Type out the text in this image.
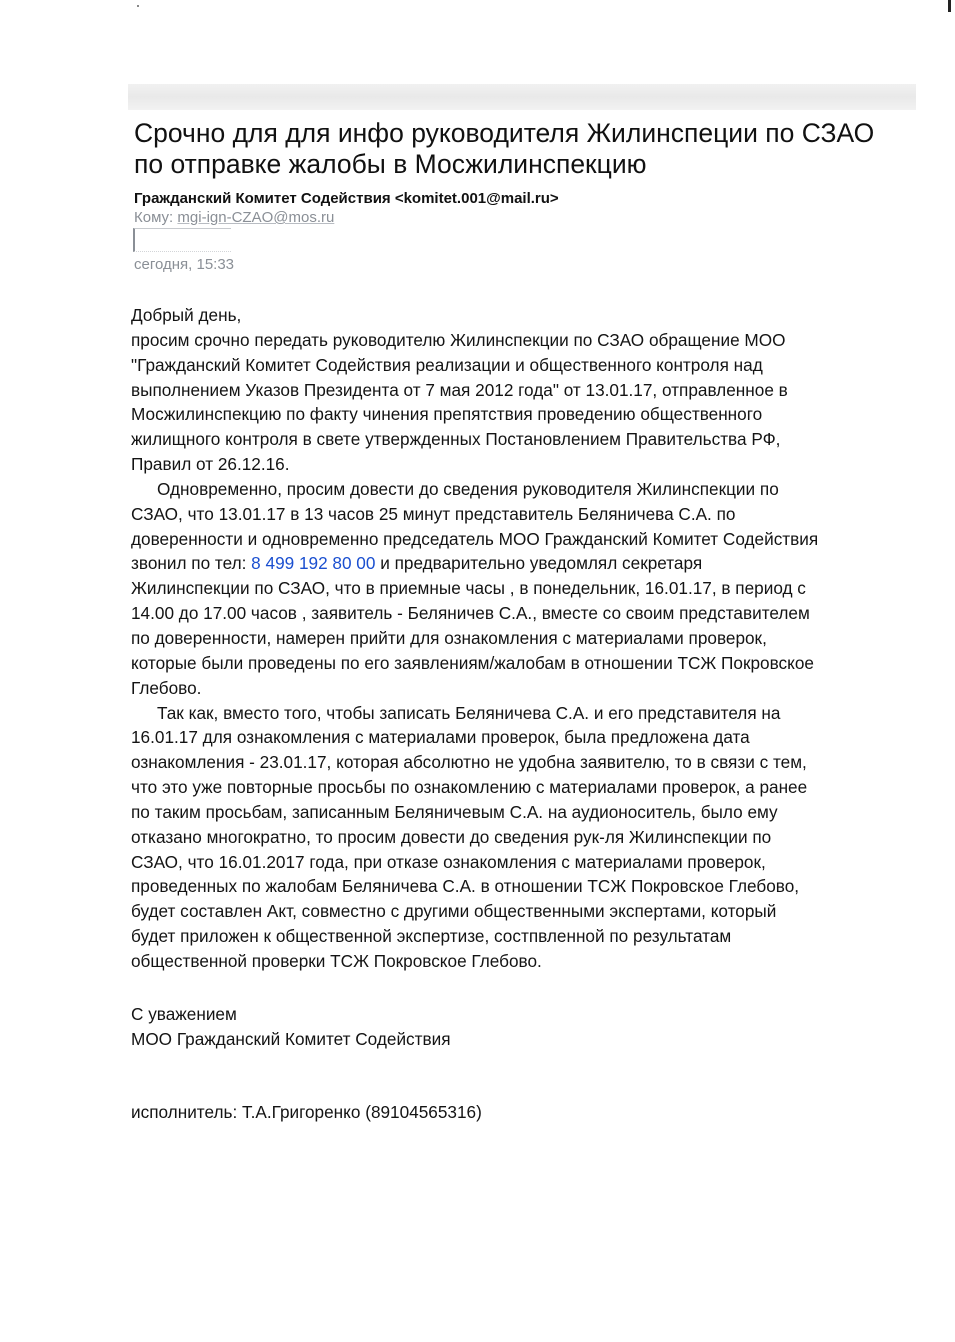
Срочно для для инфо руководителя Жилинспеции по СЗАО
по отправке жалобы в Мосжилинспекцию
Гражданский Комитет Содействия <komitet.001@mail.ru>
Кому: mgi-ign-CZAO@mos.ru
сегодня, 15:33
Добрый день,
просим срочно передать руководителю Жилинспекции по СЗАО обращение МОО
"Гражданский Комитет Содействия реализации и общественного контроля над
выполнением Указов Президента от 7 мая 2012 года" от 13.01.17, отправленное в
Мосжилинспекцию по факту чинения препятствия проведению общественного
жилищного контроля в свете утвержденных Постановлением Правительства РФ,
Правил от 26.12.16.
Одновременно, просим довести до сведения руководителя Жилинспекции по
СЗАО, что 13.01.17 в 13 часов 25 минут представитель Беляничева С.А. по
доверенности и одновременно председатель МОО Гражданский Комитет Содействия
звонил по тел: 8 499 192 80 00 и предварительно уведомлял секретаря
Жилинспекции по СЗАО, что в приемные часы , в понедельник, 16.01.17, в период с
14.00 до 17.00 часов , заявитель - Беляничев С.А., вместе со своим представителем
по доверенности, намерен прийти для ознакомления с материалами проверок,
которые были проведены по его заявлениям/жалобам в отношении ТСЖ Покровское
Глебово.
Так как, вместо того, чтобы записать Беляничева С.А. и его представителя на
16.01.17 для ознакомления с материалами проверок, была предложена дата
ознакомления - 23.01.17, которая абсолютно не удобна заявителю, то в связи с тем,
что это уже повторные просьбы по ознакомлению с материалами проверок, а ранее
по таким просьбам, записанным Беляничевым С.А. на аудионоситель, было ему
отказано многократно, то просим довести до сведения рук-ля Жилинспекции по
СЗАО, что 16.01.2017 года, при отказе ознакомления с материалами проверок,
проведенных по жалобам Беляничева С.А. в отношении ТСЖ Покровское Глебово,
будет составлен Акт, совместно с другими общественными экспертами, который
будет приложен к общественной экспертизе, состпвленной по результатам
общественной проверки ТСЖ Покровское Глебово.
С уважением
МОО Гражданский Комитет Содействия
исполнитель: Т.А.Григоренко (89104565316)
